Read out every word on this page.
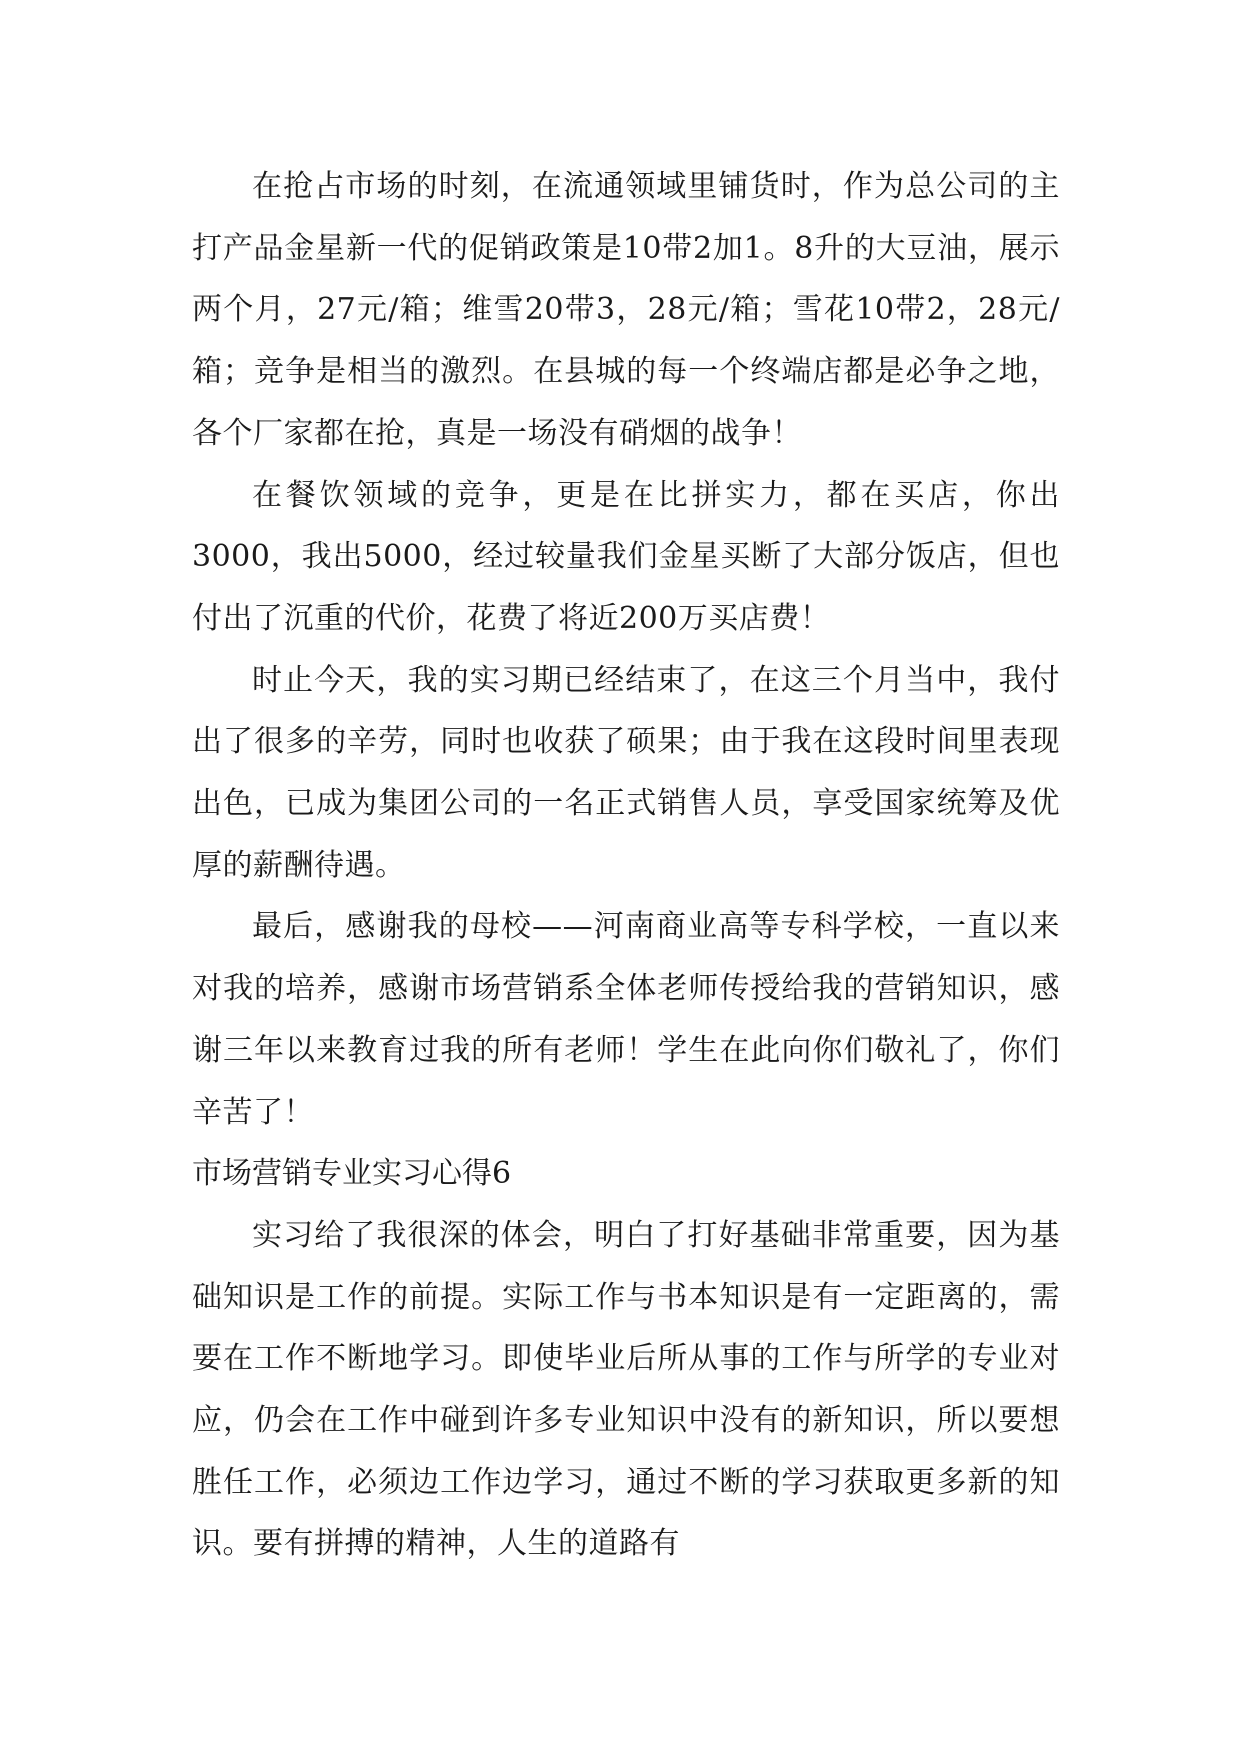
在抢占市场的时刻，在流通领域里铺货时，作为总公司的主打产品金星新一代的促销政策是10带2加1。8升的大豆油，展示两个月，27元/箱；维雪20带3，28元/箱；雪花10带2，28元/箱；竞争是相当的激烈。在县城的每一个终端店都是必争之地，各个厂家都在抢，真是一场没有硝烟的战争！

在餐饮领域的竞争，更是在比拼实力，都在买店，你出3000，我出5000，经过较量我们金星买断了大部分饭店，但也付出了沉重的代价，花费了将近200万买店费！

时止今天，我的实习期已经结束了，在这三个月当中，我付出了很多的辛劳，同时也收获了硕果；由于我在这段时间里表现出色，已成为集团公司的一名正式销售人员，享受国家统筹及优厚的薪酬待遇。

最后，感谢我的母校——河南商业高等专科学校，一直以来对我的培养，感谢市场营销系全体老师传授给我的营销知识，感谢三年以来教育过我的所有老师！学生在此向你们敬礼了，你们辛苦了！

市场营销专业实习心得6

实习给了我很深的体会，明白了打好基础非常重要，因为基础知识是工作的前提。实际工作与书本知识是有一定距离的，需要在工作不断地学习。即使毕业后所从事的工作与所学的专业对应，仍会在工作中碰到许多专业知识中没有的新知识，所以要想胜任工作，必须边工作边学习，通过不断的学习获取更多新的知识。要有拼搏的精神，人生的道路有
